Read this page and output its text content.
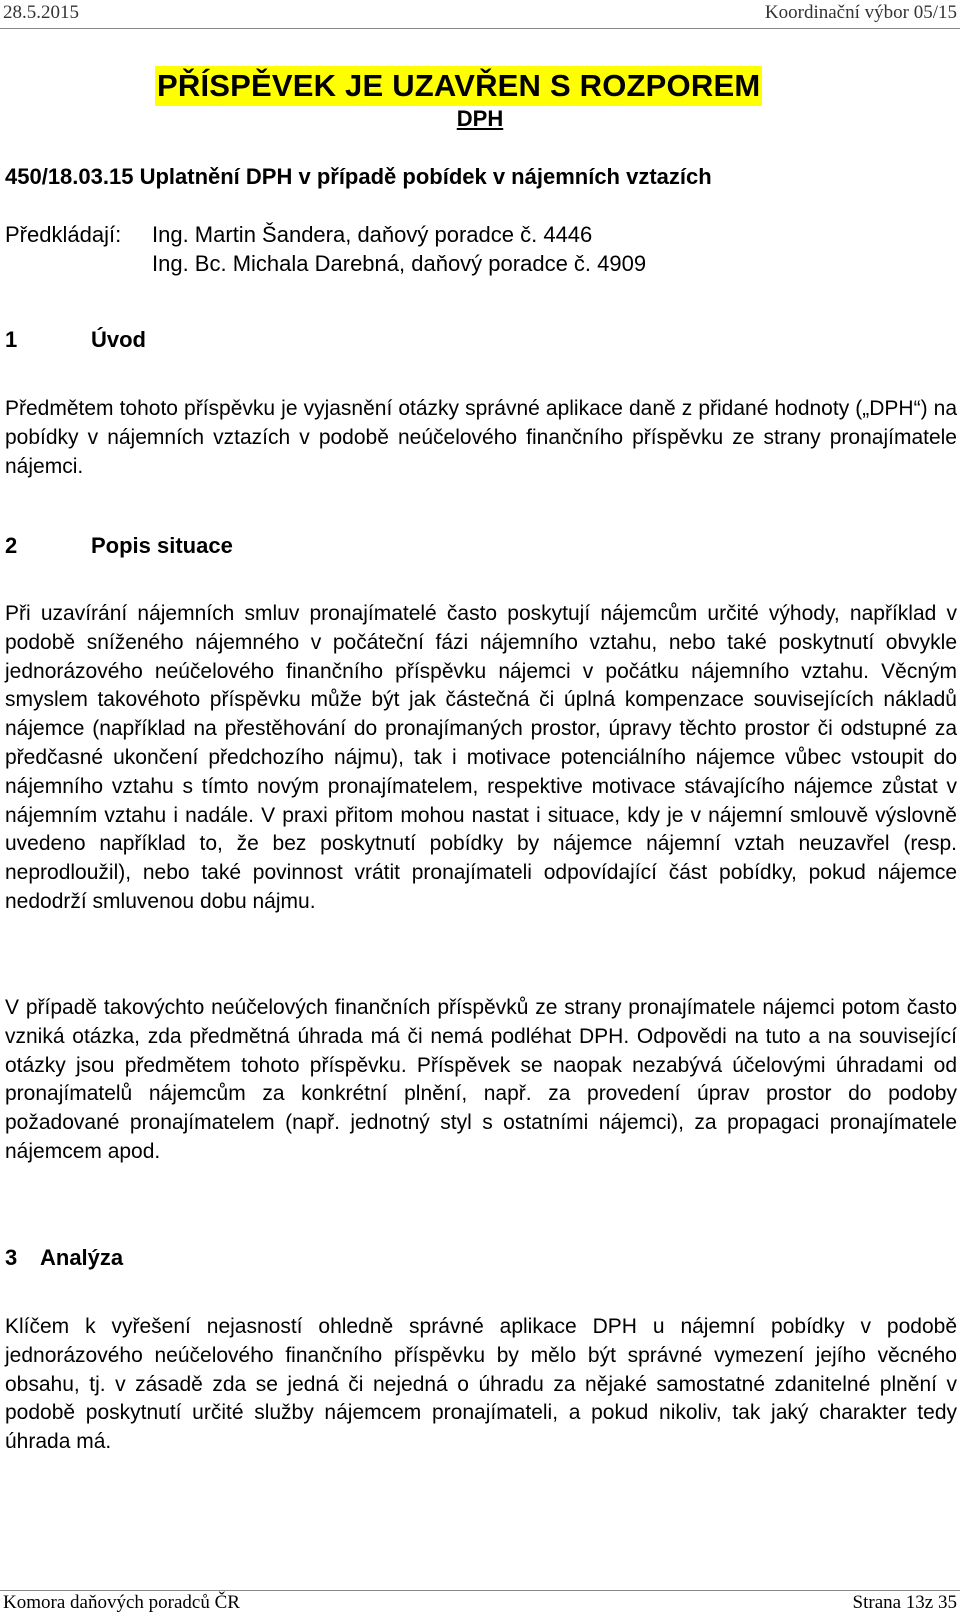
28.5.2015	Koordinační výbor 05/15
PŘÍSPĚVEK JE UZAVŘEN S ROZPOREM
DPH
450/18.03.15 Uplatnění DPH v případě pobídek v nájemních vztazích
Předkládají: Ing. Martin Šandera, daňový poradce č. 4446
Ing. Bc. Michala Darebná, daňový poradce č. 4909
1	Úvod

Předmětem tohoto příspěvku je vyjasnění otázky správné aplikace daně z přidané hodnoty („DPH“) na pobídky v nájemních vztazích v podobě neúčelového finančního příspěvku ze strany pronajímatele nájemci.

2	Popis situace

Při uzavírání nájemních smluv pronajímatelé často poskytují nájemcům určité výhody, například v podobě sníženého nájemného v počáteční fázi nájemního vztahu, nebo také poskytnutí obvykle jednorázového neúčelového finančního příspěvku nájemci v počátku nájemního vztahu. Věcným smyslem takovéhoto příspěvku může být jak částečná či úplná kompenzace souvisejících nákladů nájemce (například na přestěhování do pronajímaných prostor, úpravy těchto prostor či odstupné za předčasné ukončení předchozího nájmu), tak i motivace potenciálního nájemce vůbec vstoupit do nájemního vztahu s tímto novým pronajímatelem, respektive motivace stávajícího nájemce zůstat v nájemním vztahu i nadále. V praxi přitom mohou nastat i situace, kdy je v nájemní smlouvě výslovně uvedeno například to, že bez poskytnutí pobídky by nájemce nájemní vztah neuzavřel (resp. neprodloužil), nebo také povinnost vrátit pronajímateli odpovídající část pobídky, pokud nájemce nedodrží smluvenou dobu nájmu.

V případě takovýchto neúčelových finančních příspěvků ze strany pronajímatele nájemci potom často vzniká otázka, zda předmětná úhrada má či nemá podléhat DPH. Odpovědi na tuto a na související otázky jsou předmětem tohoto příspěvku. Příspěvek se naopak nezabývá účelovými úhradami od pronajímatelů nájemcům za konkrétní plnění, např. za provedení úprav prostor do podoby požadované pronajímatelem (např. jednotný styl s ostatními nájemci), za propagaci pronajímatele nájemcem apod.

3 Analýza

Klíčem k vyřešení nejasností ohledně správné aplikace DPH u nájemní pobídky v podobě jednorázového neúčelového finančního příspěvku by mělo být správné vymezení jejího věcného obsahu, tj. v zásadě zda se jedná či nejedná o úhradu za nějaké samostatné zdanitelné plnění v podobě poskytnutí určité služby nájemcem pronajímateli, a pokud nikoliv, tak jaký charakter tedy úhrada má.

Komora daňových poradců ČR	Strana 13z 35
